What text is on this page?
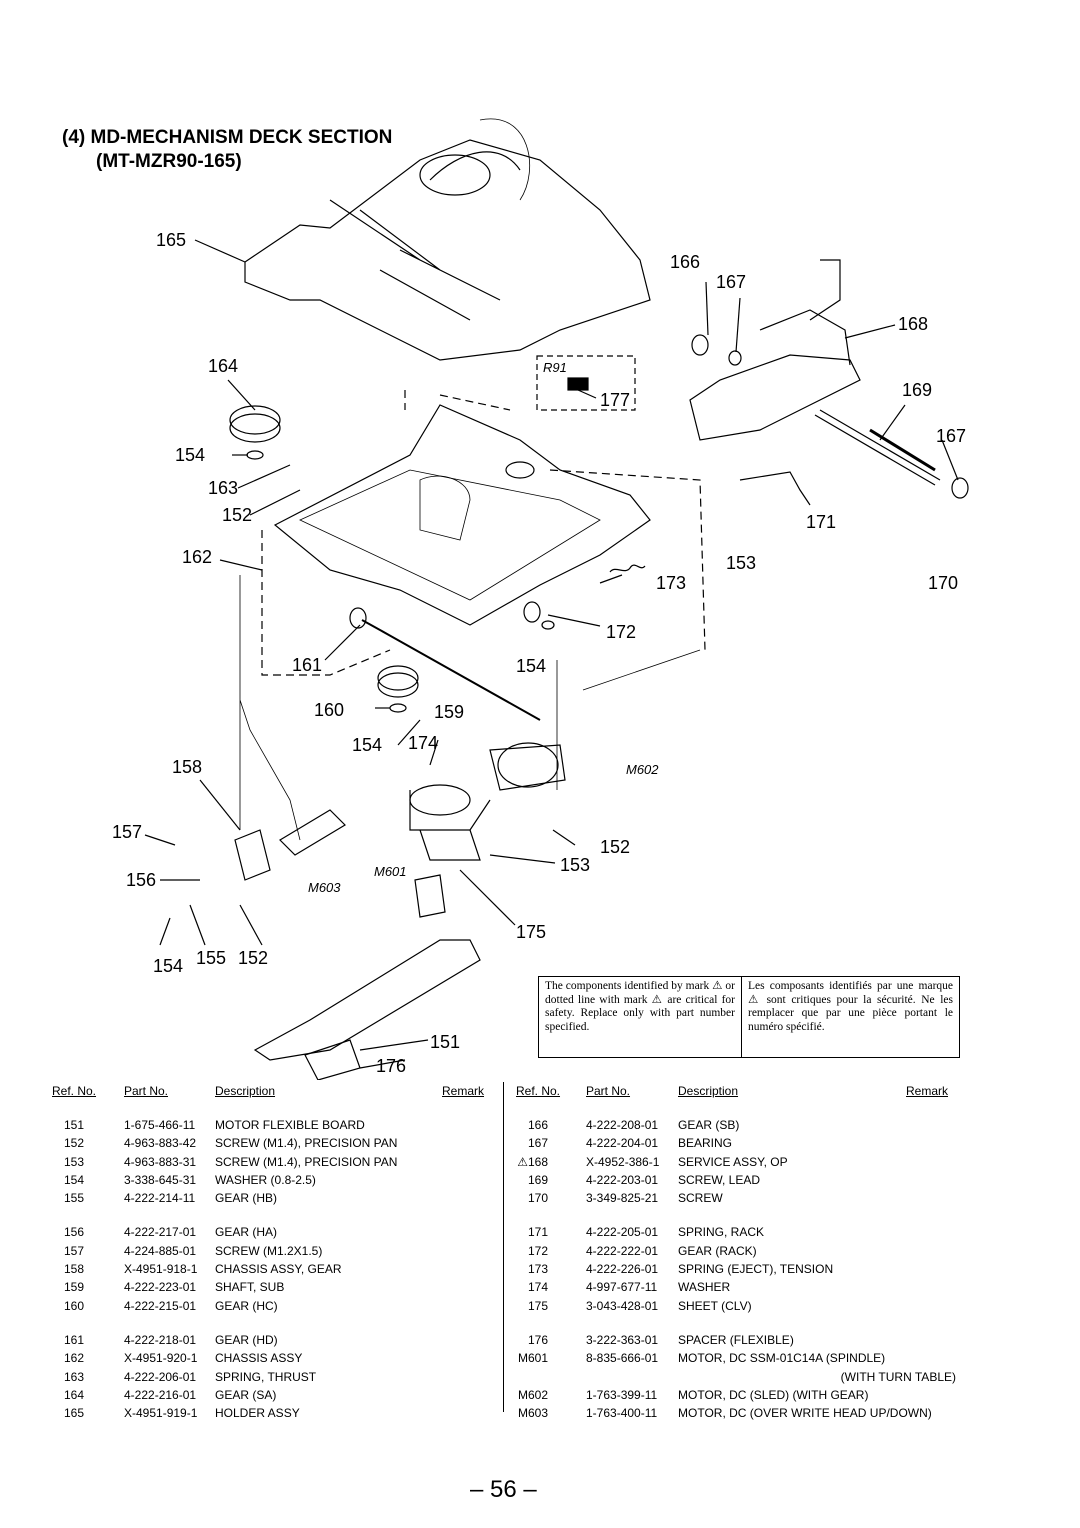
(4) MD-MECHANISM DECK SECTION
(MT-MZR90-165)
165
166
167
168
164
169
177
154
167
163
152	171
162	153
173	170
172
161	154
160	159
154 174
158
157
152
156
153
175
154 155 152
151
176
R91
M602
M601
M603
The components identified by mark ⚠ or dotted line with mark ⚠ are critical for safety. Replace only with part number specified.
Les composants identifiés par une marque ⚠ sont critiques pour la sécurité. Ne les remplacer que par une pièce portant le numéro spécifié.
Ref. No. Part No.	Description	Remark
151	1-675-466-11 MOTOR FLEXIBLE BOARD
152	4-963-883-42 SCREW (M1.4), PRECISION PAN
153	4-963-883-31 SCREW (M1.4), PRECISION PAN
154	3-338-645-31 WASHER (0.8-2.5)
155	4-222-214-11 GEAR (HB)
156	4-222-217-01 GEAR (HA)
157	4-224-885-01 SCREW (M1.2X1.5)
158	X-4951-918-1 CHASSIS ASSY, GEAR
159	4-222-223-01 SHAFT, SUB
160	4-222-215-01 GEAR (HC)
161	4-222-218-01 GEAR (HD)
162	X-4951-920-1 CHASSIS ASSY
163	4-222-206-01 SPRING, THRUST
164	4-222-216-01 GEAR (SA)
165	X-4951-919-1 HOLDER ASSY
Ref. No. Part No.	Description	Remark
166	4-222-208-01 GEAR (SB)
167	4-222-204-01 BEARING
⚠168	X-4952-386-1 SERVICE ASSY, OP
169	4-222-203-01 SCREW, LEAD
170	3-349-825-21 SCREW
171	4-222-205-01 SPRING, RACK
172	4-222-222-01 GEAR (RACK)
173	4-222-226-01 SPRING (EJECT), TENSION
174	4-997-677-11 WASHER
175	3-043-428-01 SHEET (CLV)
176	3-222-363-01 SPACER (FLEXIBLE)
M601	8-835-666-01 MOTOR, DC SSM-01C14A (SPINDLE)
(WITH TURN TABLE)
M602	1-763-399-11 MOTOR, DC (SLED) (WITH GEAR)
M603	1-763-400-11 MOTOR, DC (OVER WRITE HEAD UP/DOWN)
– 56 –
